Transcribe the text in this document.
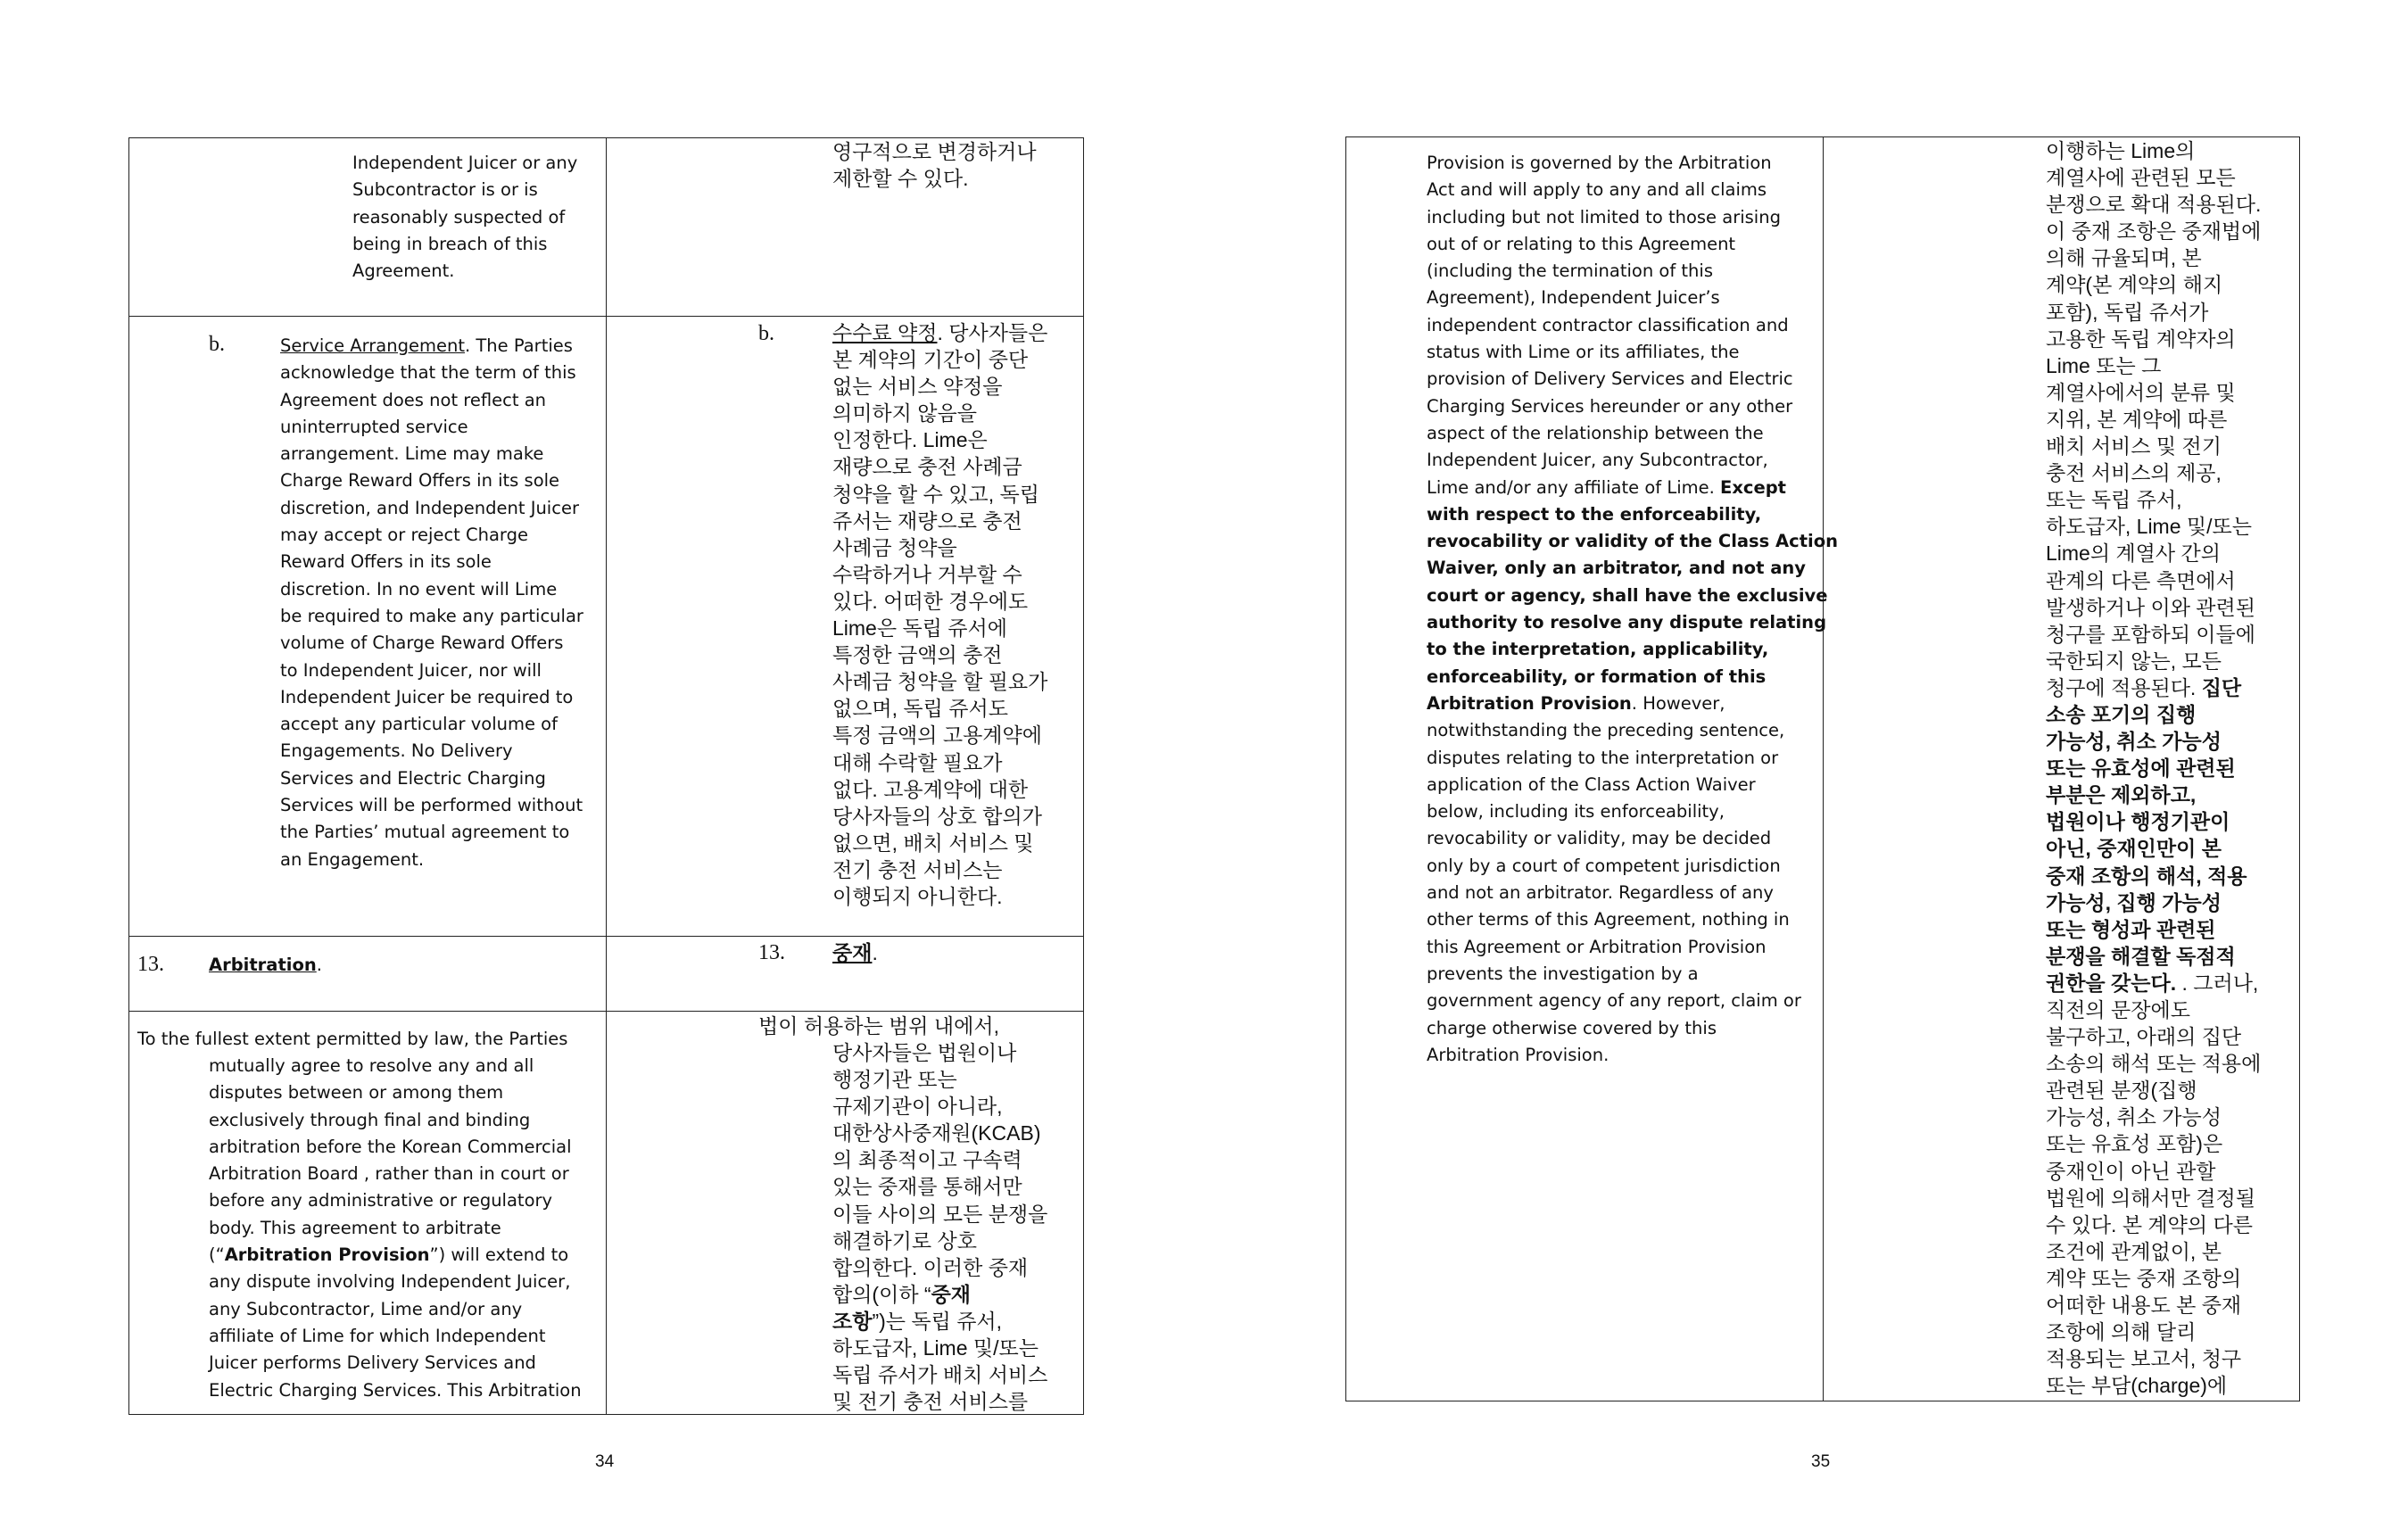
Independent Juicer or any
Subcontractor is or is
reasonably suspected of
being in breach of this
Agreement.
영구적으로 변경하거나
제한할 수 있다.
b.	Service Arrangement. The Parties
acknowledge that the term of this
Agreement does not reflect an
uninterrupted service
arrangement. Lime may make
Charge Reward Offers in its sole
discretion, and Independent Juicer
may accept or reject Charge
Reward Offers in its sole
discretion. In no event will Lime
be required to make any particular
volume of Charge Reward Offers
to Independent Juicer, nor will
Independent Juicer be required to
accept any particular volume of
Engagements. No Delivery
Services and Electric Charging
Services will be performed without
the Parties’ mutual agreement to
an Engagement.
b.	수수료 약정. 당사자들은
본 계약의 기간이 중단
없는 서비스 약정을
의미하지 않음을
인정한다. Lime은
재량으로 충전 사례금
청약을 할 수 있고, 독립
쥬서는 재량으로 충전
사례금 청약을
수락하거나 거부할 수
있다. 어떠한 경우에도
Lime은 독립 쥬서에
특정한 금액의 충전
사례금 청약을 할 필요가
없으며, 독립 쥬서도
특정 금액의 고용계약에
대해 수락할 필요가
없다. 고용계약에 대한
당사자들의 상호 합의가
없으면, 배치 서비스 및
전기 충전 서비스는
이행되지 아니한다.
13.	Arbitration.
13. 중재.
To the fullest extent permitted by law, the Parties
mutually agree to resolve any and all
disputes between or among them
exclusively through final and binding
arbitration before the Korean Commercial
Arbitration Board , rather than in court or
before any administrative or regulatory
body. This agreement to arbitrate
(“Arbitration Provision”) will extend to
any dispute involving Independent Juicer,
any Subcontractor, Lime and/or any
affiliate of Lime for which Independent
Juicer performs Delivery Services and
Electric Charging Services. This Arbitration
법이 허용하는 범위 내에서,
당사자들은 법원이나
행정기관 또는
규제기관이 아니라,
대한상사중재원(KCAB)
의 최종적이고 구속력
있는 중재를 통해서만
이들 사이의 모든 분쟁을
해결하기로 상호
합의한다. 이러한 중재
합의(이하 “중재
조항”)는 독립 쥬서,
하도급자, Lime 및/또는
독립 쥬서가 배치 서비스
및 전기 충전 서비스를
34
Provision is governed by the Arbitration
Act and will apply to any and all claims
including but not limited to those arising
out of or relating to this Agreement
(including the termination of this
Agreement), Independent Juicer’s
independent contractor classification and
status with Lime or its affiliates, the
provision of Delivery Services and Electric
Charging Services hereunder or any other
aspect of the relationship between the
Independent Juicer, any Subcontractor,
Lime and/or any affiliate of Lime. Except
with respect to the enforceability,
revocability or validity of the Class Action
Waiver, only an arbitrator, and not any
court or agency, shall have the exclusive
authority to resolve any dispute relating
to the interpretation, applicability,
enforceability, or formation of this
Arbitration Provision. However,
notwithstanding the preceding sentence,
disputes relating to the interpretation or
application of the Class Action Waiver
below, including its enforceability,
revocability or validity, may be decided
only by a court of competent jurisdiction
and not an arbitrator. Regardless of any
other terms of this Agreement, nothing in
this Agreement or Arbitration Provision
prevents the investigation by a
government agency of any report, claim or
charge otherwise covered by this
Arbitration Provision.
이행하는 Lime의
계열사에 관련된 모든
분쟁으로 확대 적용된다.
이 중재 조항은 중재법에
의해 규율되며, 본
계약(본 계약의 해지
포함), 독립 쥬서가
고용한 독립 계약자의
Lime 또는 그
계열사에서의 분류 및
지위, 본 계약에 따른
배치 서비스 및 전기
충전 서비스의 제공,
또는 독립 쥬서,
하도급자, Lime 및/또는
Lime의 계열사 간의
관계의 다른 측면에서
발생하거나 이와 관련된
청구를 포함하되 이들에
국한되지 않는, 모든
청구에 적용된다. 집단
소송 포기의 집행
가능성, 취소 가능성
또는 유효성에 관련된
부분은 제외하고,
법원이나 행정기관이
아닌, 중재인만이 본
중재 조항의 해석, 적용
가능성, 집행 가능성
또는 형성과 관련된
분쟁을 해결할 독점적
권한을 갖는다. . 그러나,
직전의 문장에도
불구하고, 아래의 집단
소송의 해석 또는 적용에
관련된 분쟁(집행
가능성, 취소 가능성
또는 유효성 포함)은
중재인이 아닌 관할
법원에 의해서만 결정될
수 있다. 본 계약의 다른
조건에 관계없이, 본
계약 또는 중재 조항의
어떠한 내용도 본 중재
조항에 의해 달리
적용되는 보고서, 청구
또는 부담(charge)에
35
